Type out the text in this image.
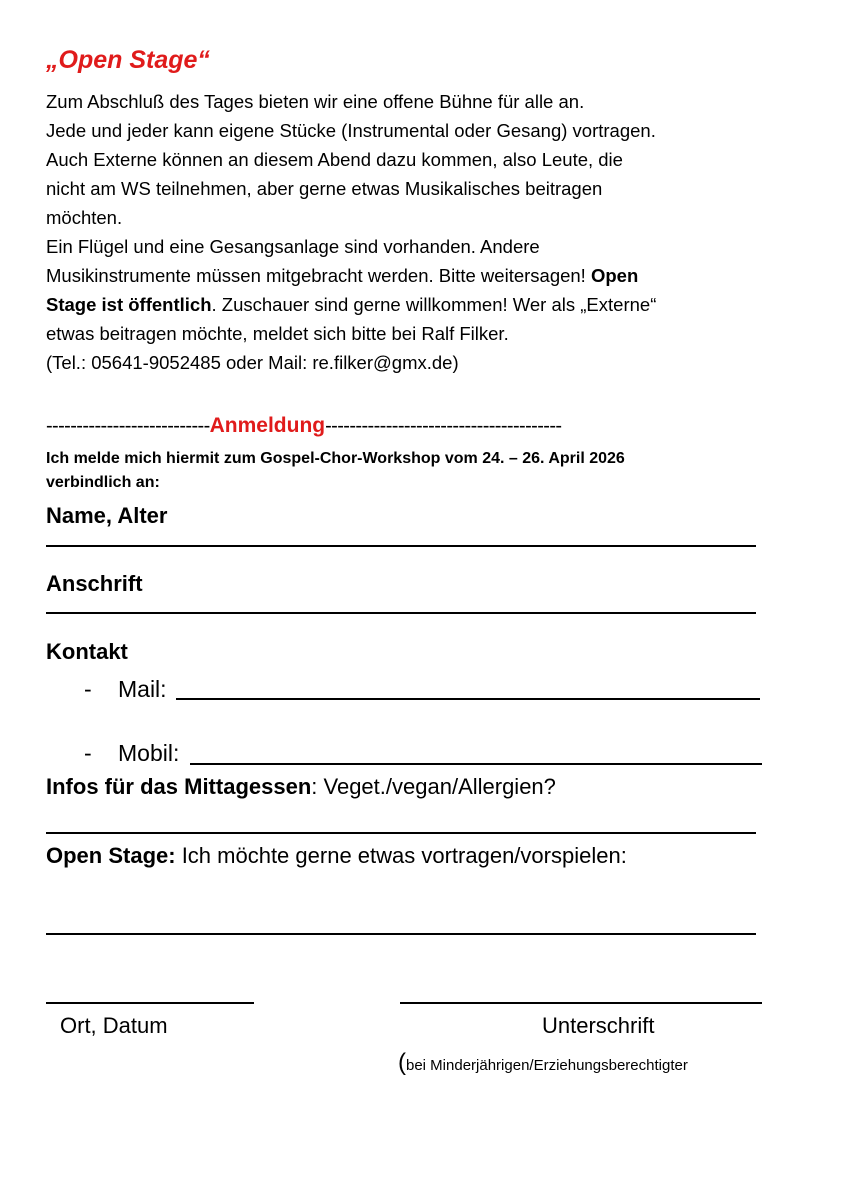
„Open Stage“
Zum Abschluß des Tages bieten wir eine offene Bühne für alle an.
Jede und jeder kann eigene Stücke (Instrumental oder Gesang) vortragen.
Auch Externe können an diesem Abend dazu kommen, also Leute, die
nicht am WS teilnehmen, aber gerne etwas Musikalisches beitragen
möchten.
Ein Flügel und eine Gesangsanlage sind vorhanden. Andere
Musikinstrumente müssen mitgebracht werden. Bitte weitersagen! Open
Stage ist öffentlich. Zuschauer sind gerne willkommen! Wer als „Externe“
etwas beitragen möchte, meldet sich bitte bei Ralf Filker.
(Tel.: 05641-9052485 oder Mail: re.filker@gmx.de)
---------------------------Anmeldung---------------------------------------
Ich melde mich hiermit zum Gospel-Chor-Workshop vom 24. – 26. April 2026
verbindlich an:
Name, Alter
Anschrift
Kontakt
- Mail:
- Mobil:
Infos für das Mittagessen: Veget./vegan/Allergien?
Open Stage: Ich möchte gerne etwas vortragen/vorspielen:
Ort, Datum	Unterschrift
(bei Minderjährigen/Erziehungsberechtigter
